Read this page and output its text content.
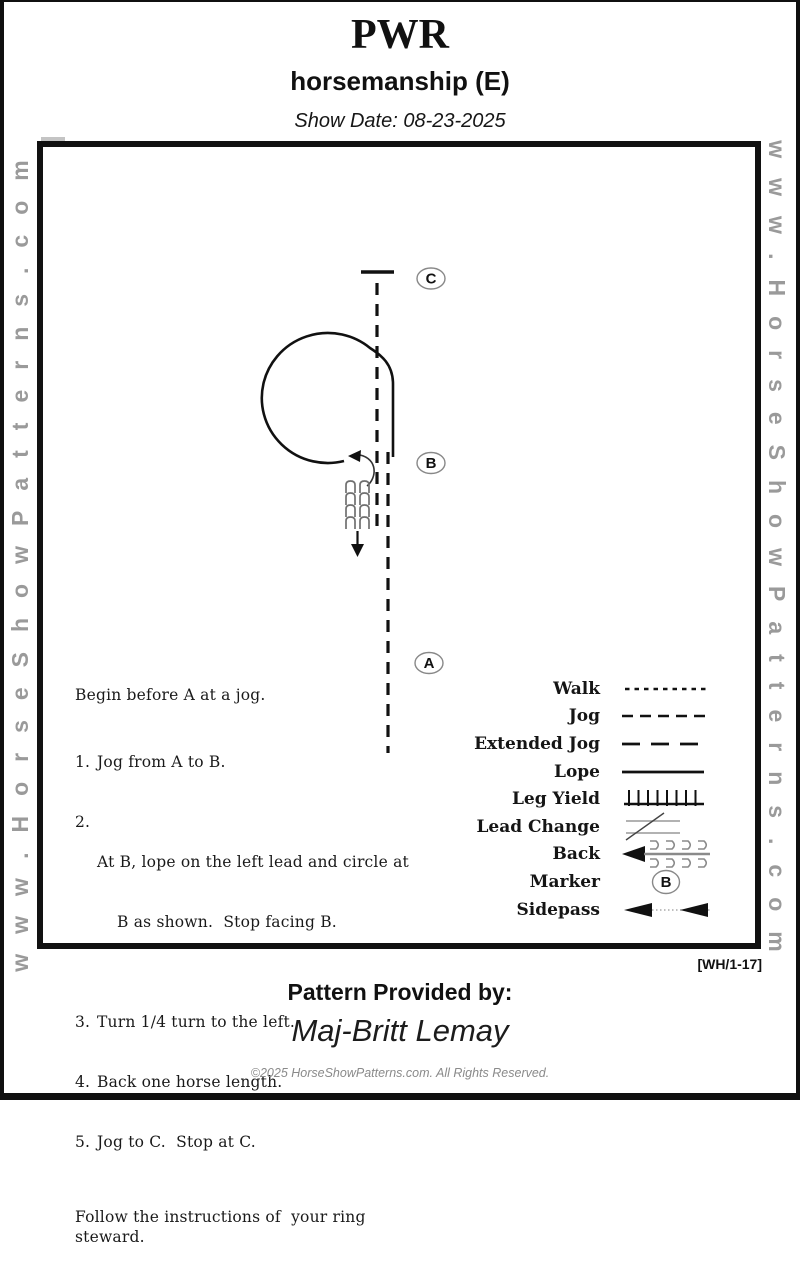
www.HorseShowPatterns.com	www.HorseShowPatterns.com
PWR
horsemanship (E)
Show Date: 08-23-2025
C
B
A

Begin before A at a jog.

1. Jog from A to B.

2.

At B, lope on the left lead and circle at

B as shown.  Stop facing B.

3. Turn 1/4 turn to the left.

4. Back one horse length.

5. Jog to C.  Stop at C.

Follow the instructions of  your ring steward.

Walk
Jog
Extended Jog
Lope
Leg Yield
Lead Change
Back
Marker	B
Sidepass
[WH/1-17]
Pattern Provided by:
Maj-Britt Lemay
©2025 HorseShowPatterns.com. All Rights Reserved.
